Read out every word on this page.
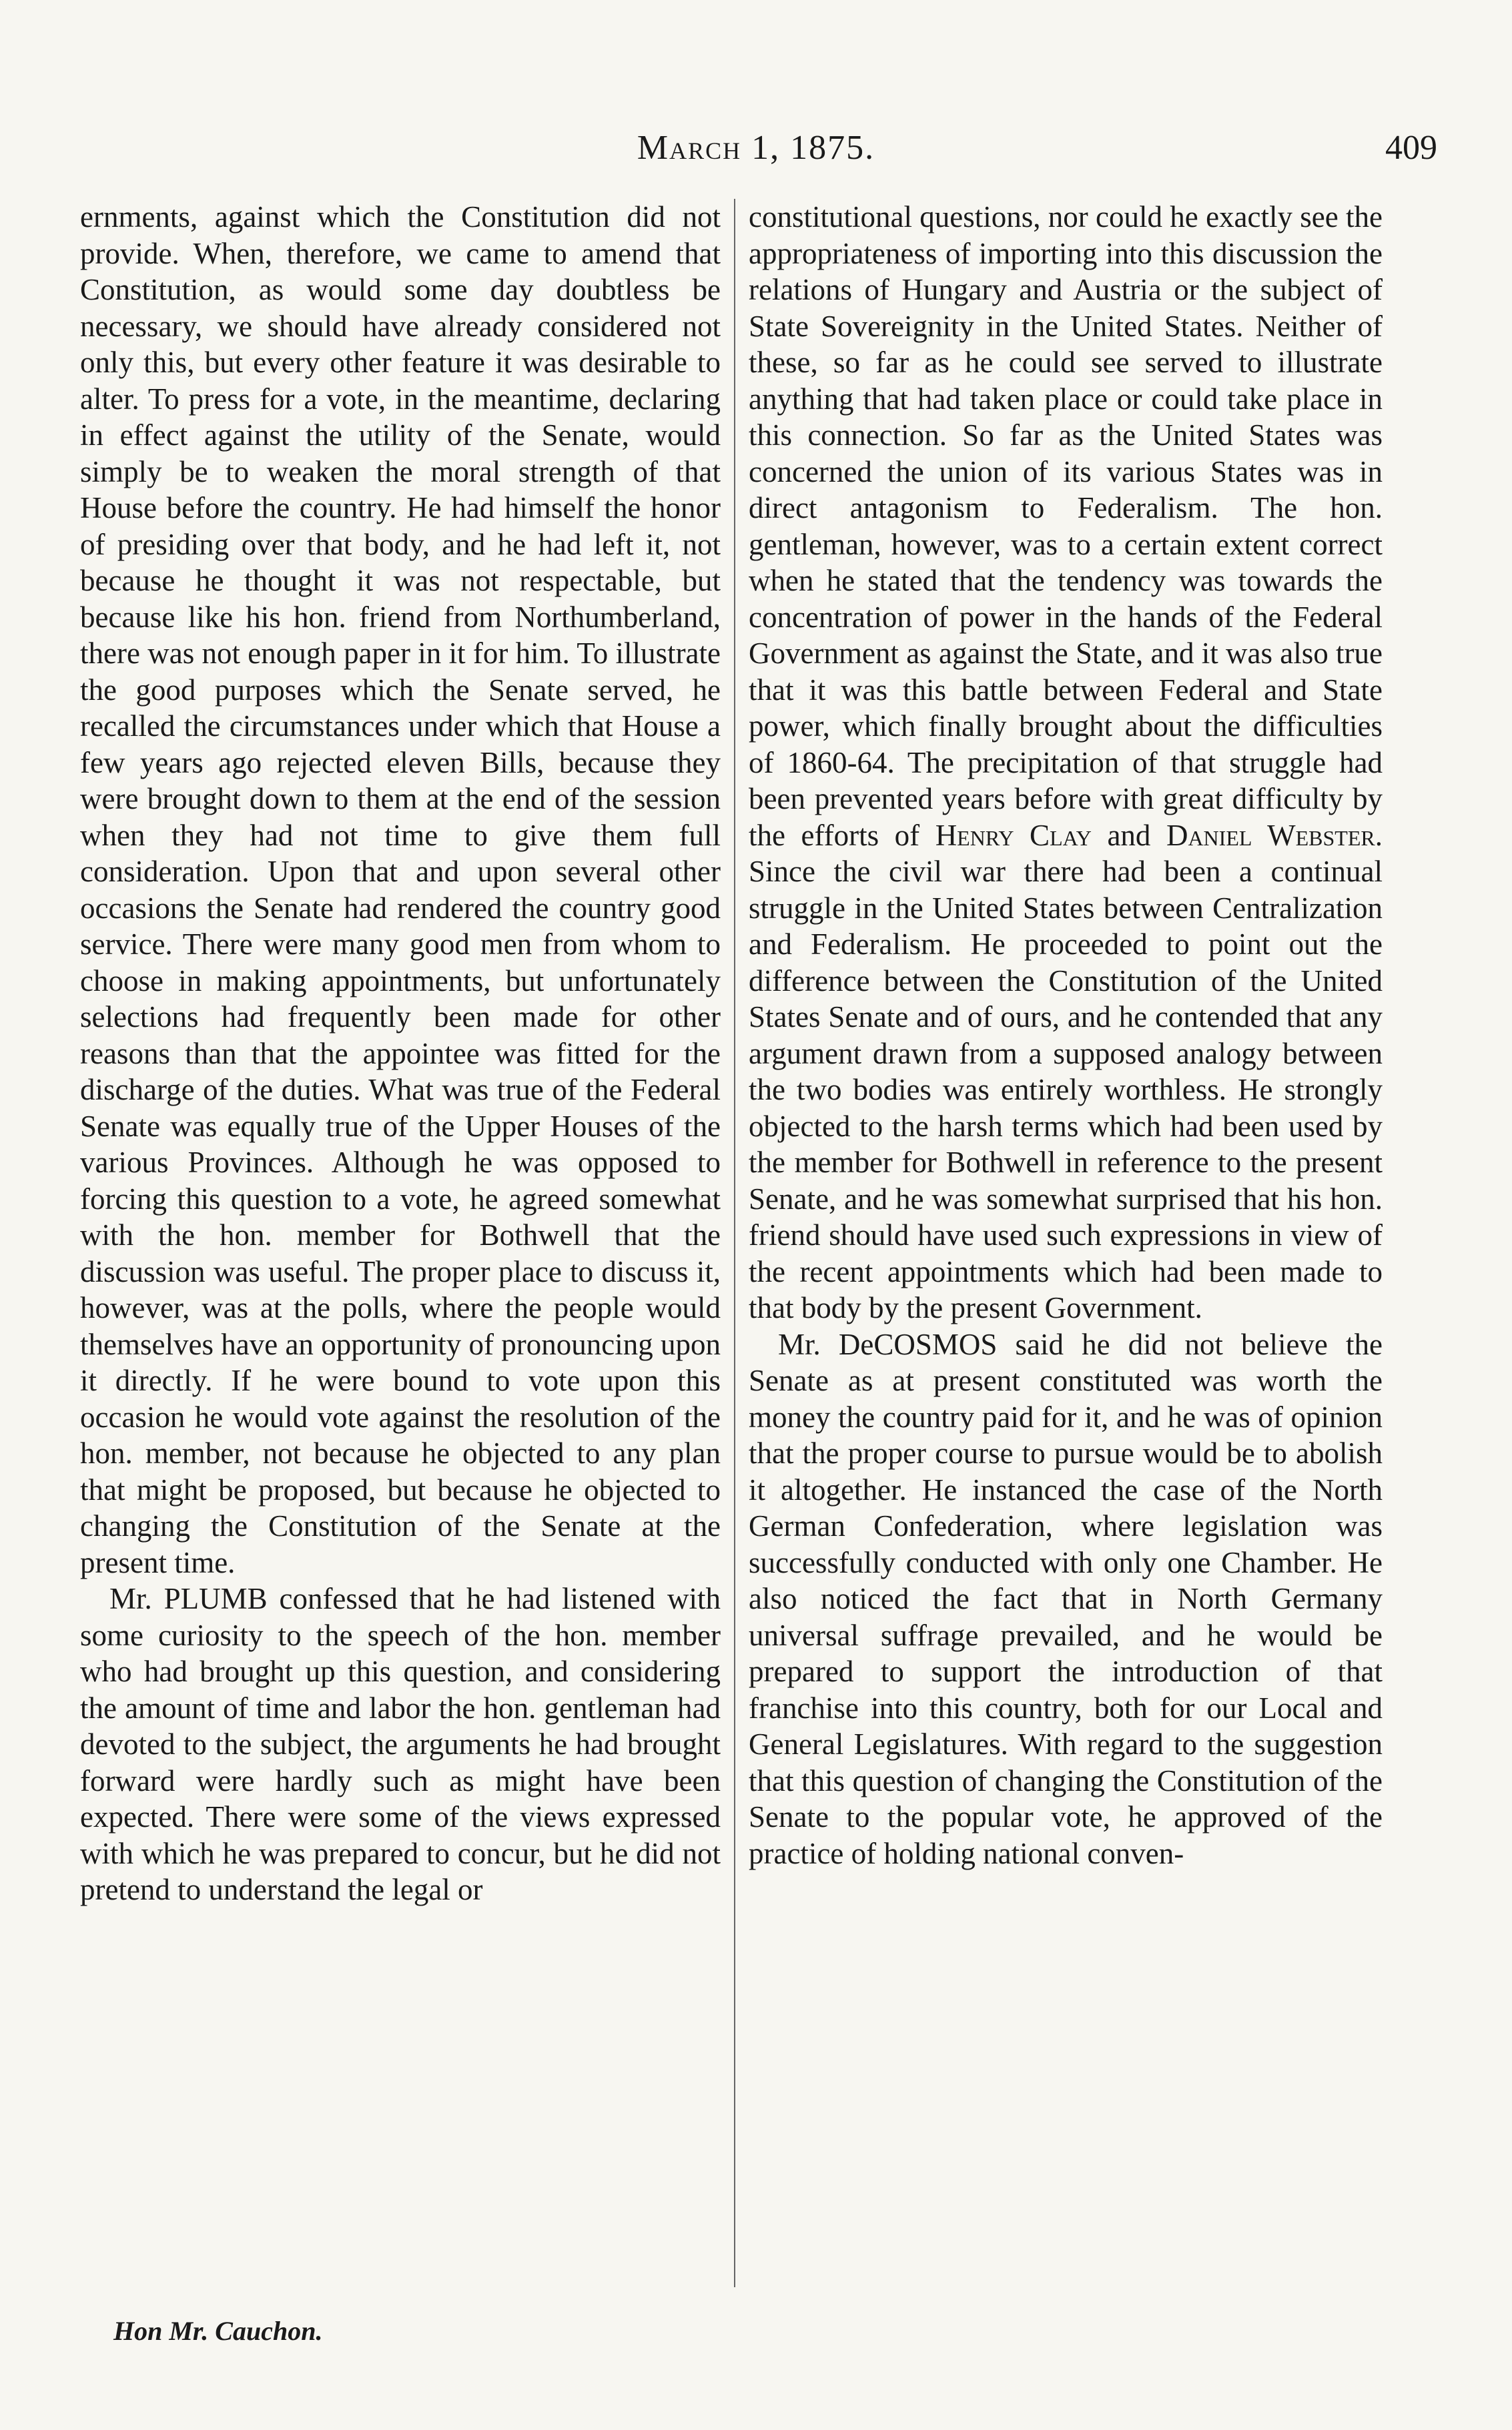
March 1, 1875.	409

ernments, against which the Constitution did not provide. When, therefore, we came to amend that Constitution, as would some day doubtless be necessary, we should have already considered not only this, but every other feature it was desirable to alter. To press for a vote, in the meantime, declaring in effect against the utility of the Senate, would simply be to weaken the moral strength of that House before the country. He had himself the honor of presiding over that body, and he had left it, not because he thought it was not respectable, but because like his hon. friend from Northumberland, there was not enough paper in it for him. To illustrate the good purposes which the Senate served, he recalled the circumstances under which that House a few years ago rejected eleven Bills, because they were brought down to them at the end of the session when they had not time to give them full consideration. Upon that and upon several other occasions the Senate had rendered the country good service. There were many good men from whom to choose in making appointments, but unfortunately selections had frequently been made for other reasons than that the appointee was fitted for the discharge of the duties. What was true of the Federal Senate was equally true of the Upper Houses of the various Provinces. Although he was opposed to forcing this question to a vote, he agreed somewhat with the hon. member for Bothwell that the discussion was useful. The proper place to discuss it, however, was at the polls, where the people would themselves have an opportunity of pronouncing upon it directly. If he were bound to vote upon this occasion he would vote against the resolution of the hon. member, not because he objected to any plan that might be proposed, but because he objected to changing the Constitution of the Senate at the present time.

Mr. PLUMB confessed that he had listened with some curiosity to the speech of the hon. member who had brought up this question, and considering the amount of time and labor the hon. gentleman had devoted to the subject, the arguments he had brought forward were hardly such as might have been expected. There were some of the views expressed with which he was prepared to concur, but he did not pretend to understand the legal or

constitutional questions, nor could he exactly see the appropriateness of importing into this discussion the relations of Hungary and Austria or the subject of State Sovereignity in the United States. Neither of these, so far as he could see served to illustrate anything that had taken place or could take place in this connection. So far as the United States was concerned the union of its various States was in direct antagonism to Federalism. The hon. gentleman, however, was to a certain extent correct when he stated that the tendency was towards the concentration of power in the hands of the Federal Government as against the State, and it was also true that it was this battle between Federal and State power, which finally brought about the difficulties of 1860-64. The precipitation of that struggle had been prevented years before with great difficulty by the efforts of Henry Clay and Daniel Webster. Since the civil war there had been a continual struggle in the United States between Centralization and Federalism. He proceeded to point out the difference between the Constitution of the United States Senate and of ours, and he contended that any argument drawn from a supposed analogy between the two bodies was entirely worthless. He strongly objected to the harsh terms which had been used by the member for Bothwell in reference to the present Senate, and he was somewhat surprised that his hon. friend should have used such expressions in view of the recent appointments which had been made to that body by the present Government.

Mr. DeCOSMOS said he did not believe the Senate as at present constituted was worth the money the country paid for it, and he was of opinion that the proper course to pursue would be to abolish it altogether. He instanced the case of the North German Confederation, where legislation was successfully conducted with only one Chamber. He also noticed the fact that in North Germany universal suffrage prevailed, and he would be prepared to support the introduction of that franchise into this country, both for our Local and General Legislatures. With regard to the suggestion that this question of changing the Constitution of the Senate to the popular vote, he approved of the practice of holding national conven-

Hon Mr. Cauchon.
